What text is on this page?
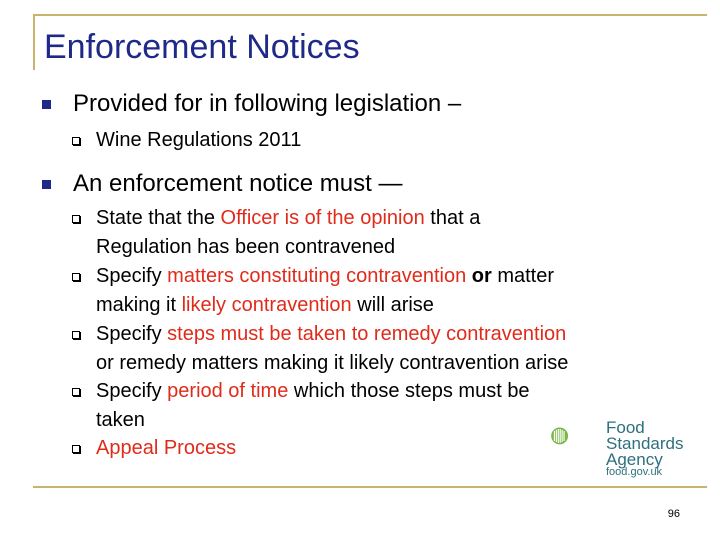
Enforcement Notices
Provided for in following legislation –
Wine Regulations 2011
An enforcement notice must —
State that the Officer is of the opinion that a
Regulation has been contravened
Specify matters constituting contravention or matter
making it likely contravention will arise
Specify steps must be taken to remedy contravention
or remedy matters making it likely contravention arise
Specify period of time which those steps must be
taken
Appeal Process
Food
Standards
Agency
food.gov.uk
96
